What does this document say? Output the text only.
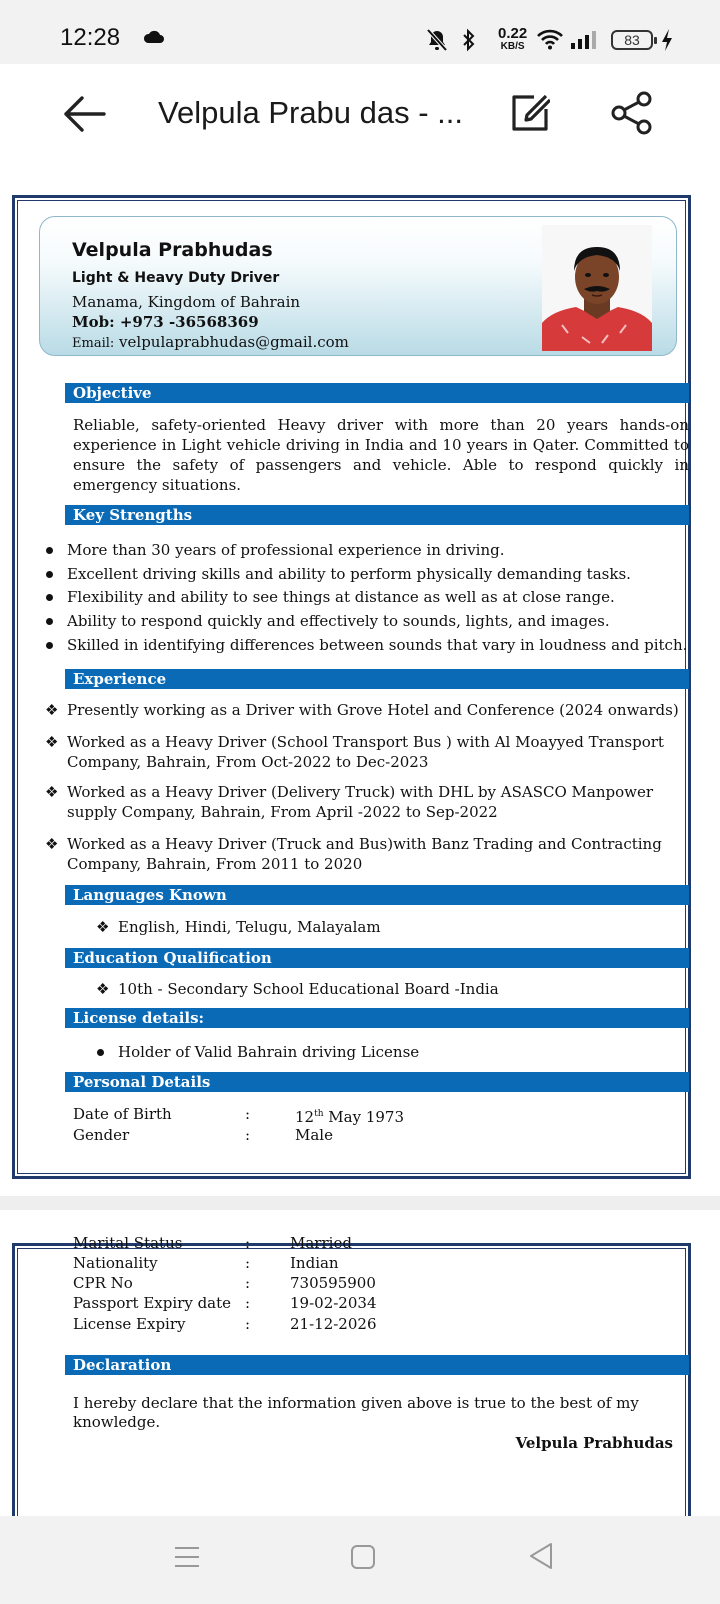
12:28	0.22
KB/S	83
Velpula Prabu das - ...
Velpula Prabhudas
Light & Heavy Duty Driver
Manama, Kingdom of Bahrain
Mob: +973 -36568369
Email: velpulaprabhudas@gmail.com
Objective
Reliable, safety-oriented Heavy driver with more than 20 years hands-on experience in Light vehicle driving in India and 10 years in Qater. Committed to ensure the safety of passengers and vehicle. Able to respond quickly in emergency situations.
Key Strengths
More than 30 years of professional experience in driving.
Excellent driving skills and ability to perform physically demanding tasks.
Flexibility and ability to see things at distance as well as at close range.
Ability to respond quickly and effectively to sounds, lights, and images.
Skilled in identifying differences between sounds that vary in loudness and pitch.
Experience
❖ Presently working as a Driver with Grove Hotel and Conference (2024 onwards)
❖ Worked as a Heavy Driver (School Transport Bus ) with Al Moayyed Transport
Company, Bahrain, From Oct-2022 to Dec-2023
❖ Worked as a Heavy Driver (Delivery Truck) with DHL by ASASCO Manpower
supply Company, Bahrain, From April -2022 to Sep-2022
❖ Worked as a Heavy Driver (Truck and Bus)with Banz Trading and Contracting
Company, Bahrain, From 2011 to 2020
Languages Known
❖ English, Hindi, Telugu, Malayalam
Education Qualification
❖ 10th - Secondary School Educational Board -India
License details:
Holder of Valid Bahrain driving License
Personal Details
Date of Birth	:	12th May 1973
Gender	:	Male
Marital Status	:	Married
Nationality	:	Indian
CPR No	:	730595900
Passport Expiry date :	19-02-2034
License Expiry	:	21-12-2026
Declaration
I hereby declare that the information given above is true to the best of my
knowledge.
Velpula Prabhudas
